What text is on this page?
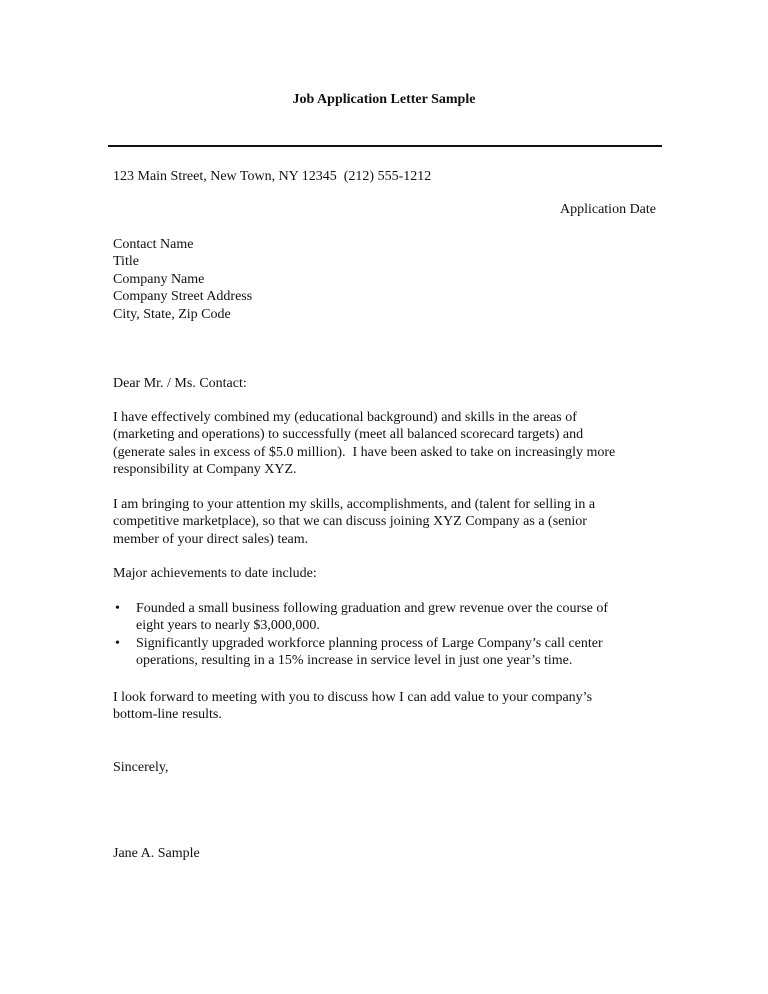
Job Application Letter Sample
123 Main Street, New Town, NY 12345  (212) 555-1212
Application Date
Contact Name
Title
Company Name
Company Street Address
City, State, Zip Code
Dear Mr. / Ms. Contact:
I have effectively combined my (educational background) and skills in the areas of
(marketing and operations) to successfully (meet all balanced scorecard targets) and
(generate sales in excess of $5.0 million).  I have been asked to take on increasingly more
responsibility at Company XYZ.
I am bringing to your attention my skills, accomplishments, and (talent for selling in a
competitive marketplace), so that we can discuss joining XYZ Company as a (senior
member of your direct sales) team.
Major achievements to date include:
• Founded a small business following graduation and grew revenue over the course of
eight years to nearly $3,000,000.
• Significantly upgraded workforce planning process of Large Company’s call center
operations, resulting in a 15% increase in service level in just one year’s time.
I look forward to meeting with you to discuss how I can add value to your company’s
bottom-line results.
Sincerely,
Jane A. Sample
